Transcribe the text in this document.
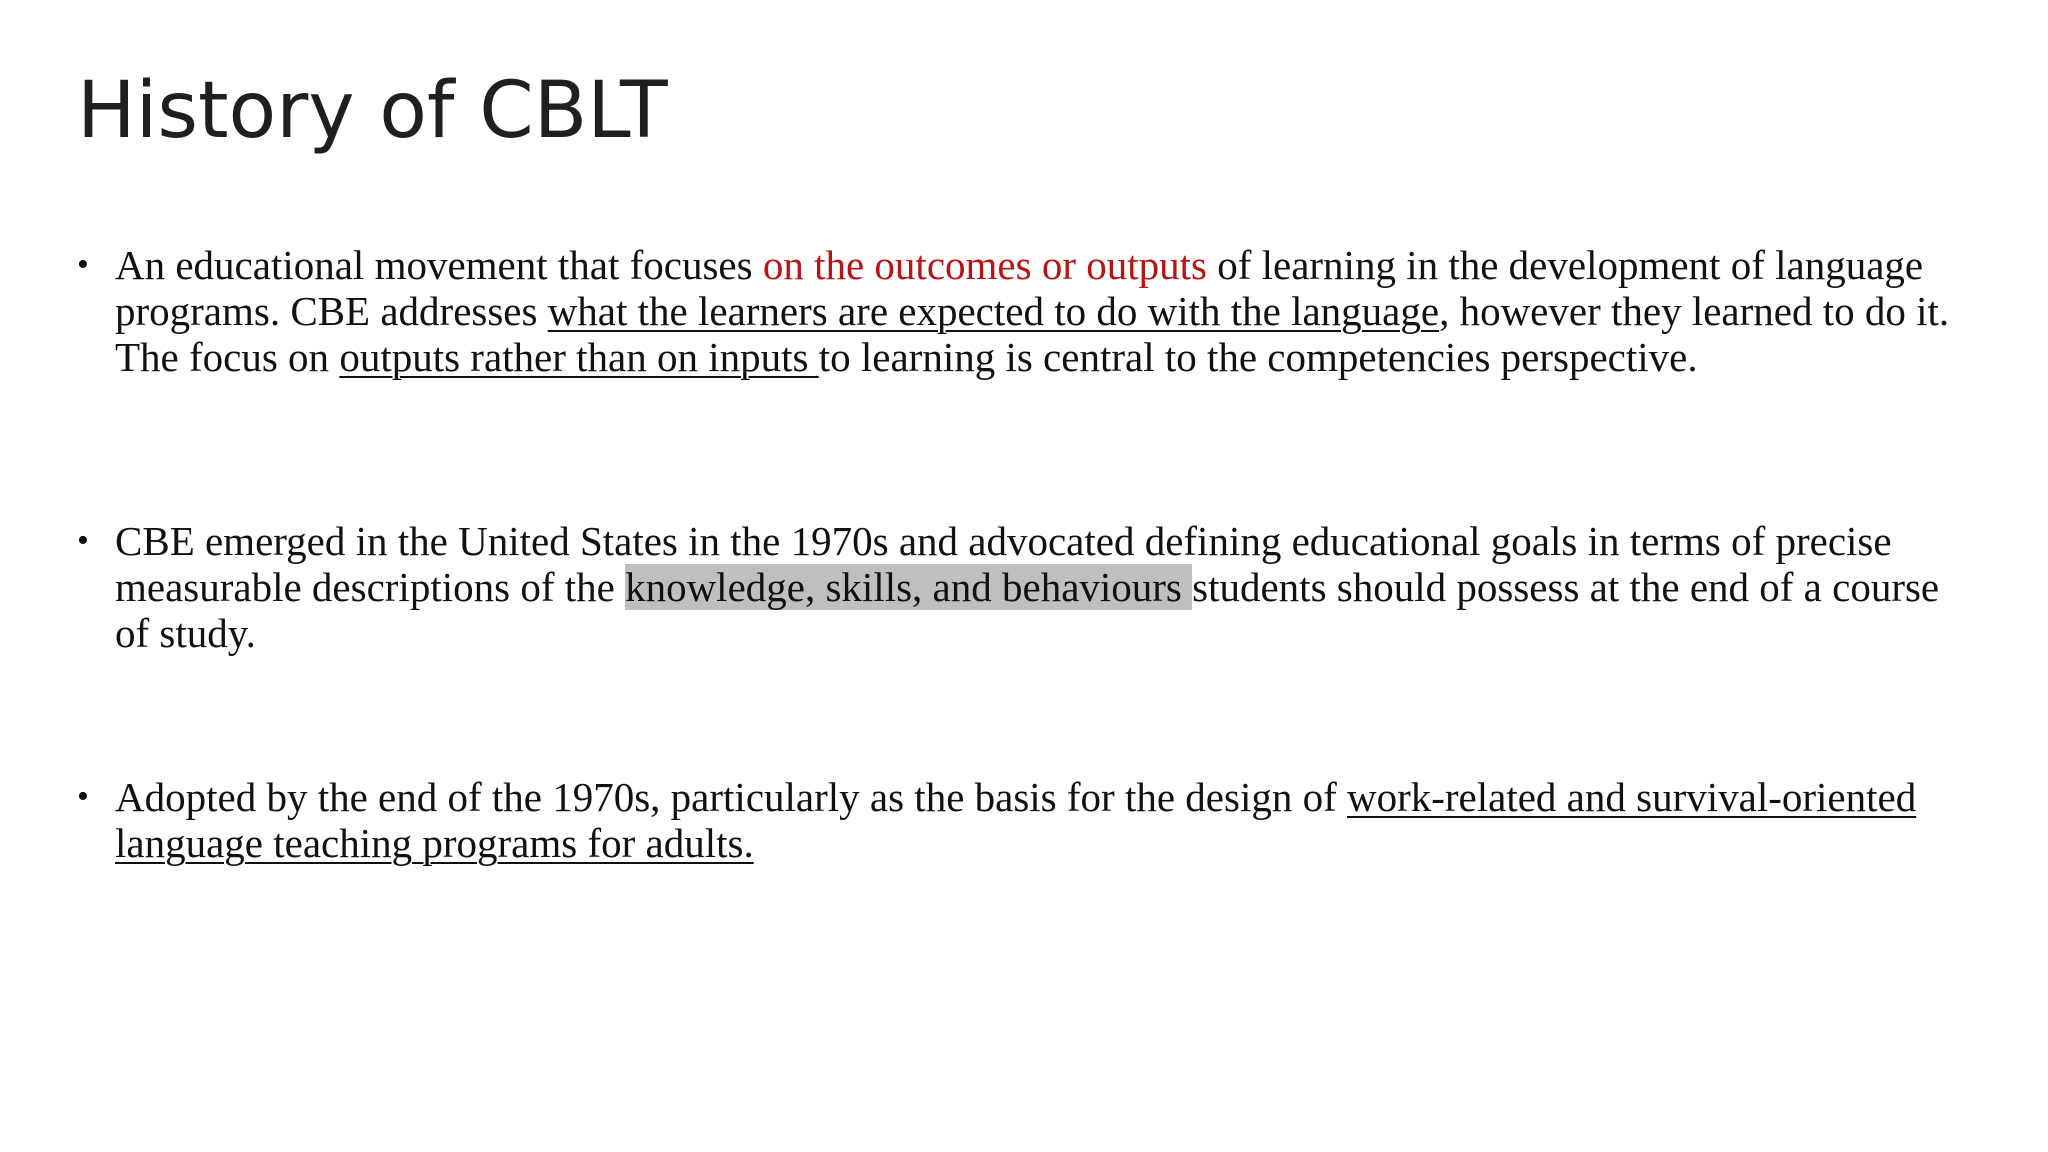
History of CBLT
• An educational movement that focuses on the outcomes or outputs of learning in the development of language programs. CBE addresses what the learners are expected to do with the language, however they learned to do it. The focus on outputs rather than on inputs to learning is central to the competencies perspective.
• CBE emerged in the United States in the 1970s and advocated defining educational goals in terms of precise measurable descriptions of the knowledge, skills, and behaviours students should possess at the end of a course of study.
• Adopted by the end of the 1970s, particularly as the basis for the design of work-related and survival-oriented language teaching programs for adults.
